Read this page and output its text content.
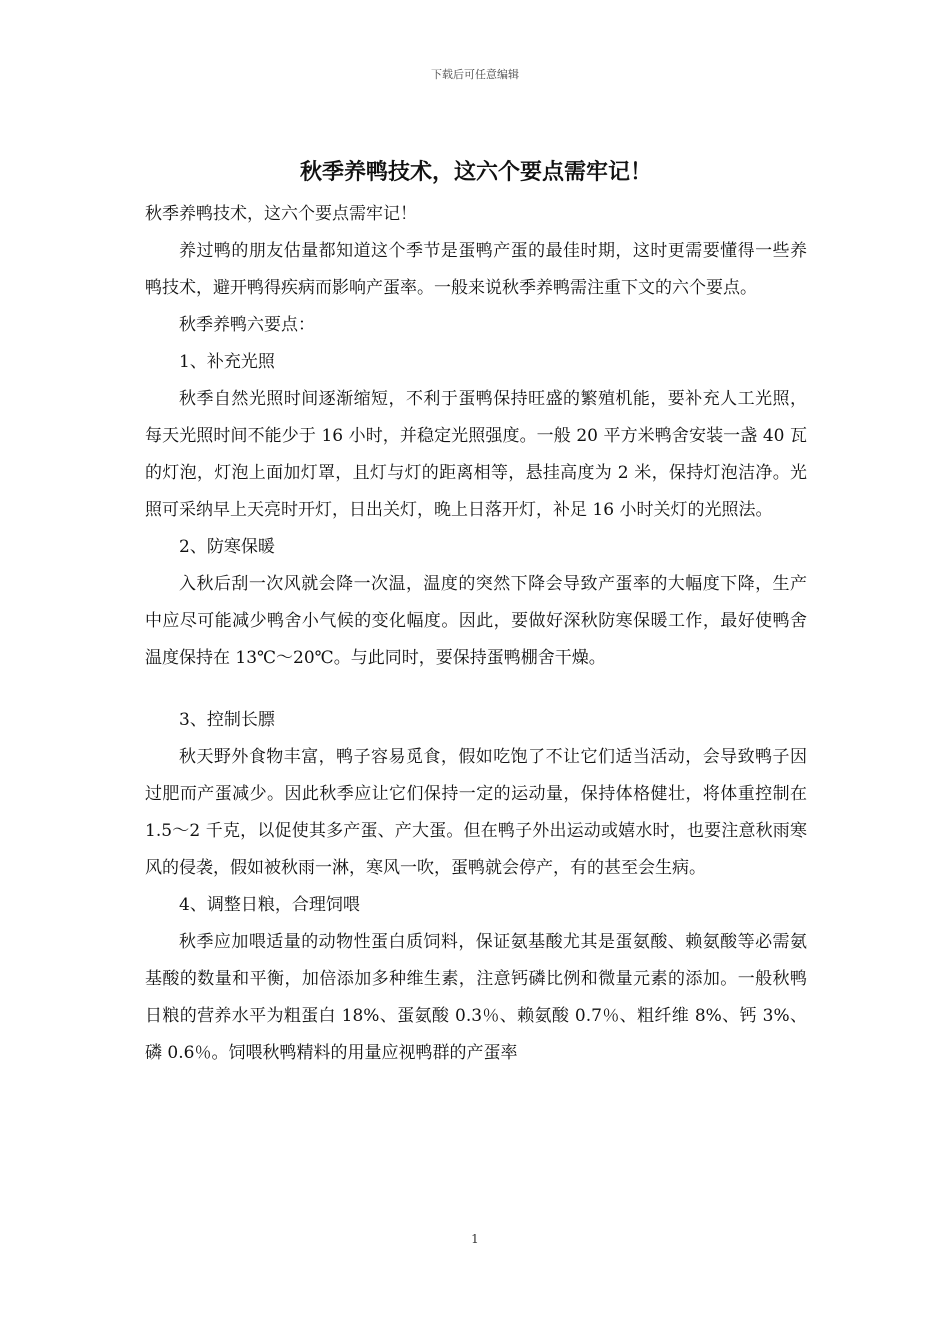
下载后可任意编辑
秋季养鸭技术，这六个要点需牢记！

秋季养鸭技术，这六个要点需牢记！

养过鸭的朋友估量都知道这个季节是蛋鸭产蛋的最佳时期，这时更需要懂得一些养鸭技术，避开鸭得疾病而影响产蛋率。一般来说秋季养鸭需注重下文的六个要点。

秋季养鸭六要点：

1、补充光照

秋季自然光照时间逐渐缩短，不利于蛋鸭保持旺盛的繁殖机能，要补充人工光照，每天光照时间不能少于 16 小时，并稳定光照强度。一般 20 平方米鸭舍安装一盏 40 瓦的灯泡，灯泡上面加灯罩，且灯与灯的距离相等，悬挂高度为 2 米，保持灯泡洁净。光照可采纳早上天亮时开灯，日出关灯，晚上日落开灯，补足 16 小时关灯的光照法。

2、防寒保暖

入秋后刮一次风就会降一次温，温度的突然下降会导致产蛋率的大幅度下降，生产中应尽可能减少鸭舍小气候的变化幅度。因此，要做好深秋防寒保暖工作，最好使鸭舍温度保持在 13℃～20℃。与此同时，要保持蛋鸭棚舍干燥。

3、控制长膘

秋天野外食物丰富，鸭子容易觅食，假如吃饱了不让它们适当活动，会导致鸭子因过肥而产蛋减少。因此秋季应让它们保持一定的运动量，保持体格健壮，将体重控制在 1.5～2 千克，以促使其多产蛋、产大蛋。但在鸭子外出运动或嬉水时，也要注意秋雨寒风的侵袭，假如被秋雨一淋，寒风一吹，蛋鸭就会停产，有的甚至会生病。

4、调整日粮，合理饲喂

秋季应加喂适量的动物性蛋白质饲料，保证氨基酸尤其是蛋氨酸、赖氨酸等必需氨基酸的数量和平衡，加倍添加多种维生素，注意钙磷比例和微量元素的添加。一般秋鸭日粮的营养水平为粗蛋白 18%、蛋氨酸 0.3％、赖氨酸 0.7％、粗纤维 8%、钙 3%、磷 0.6％。饲喂秋鸭精料的用量应视鸭群的产蛋率

1
